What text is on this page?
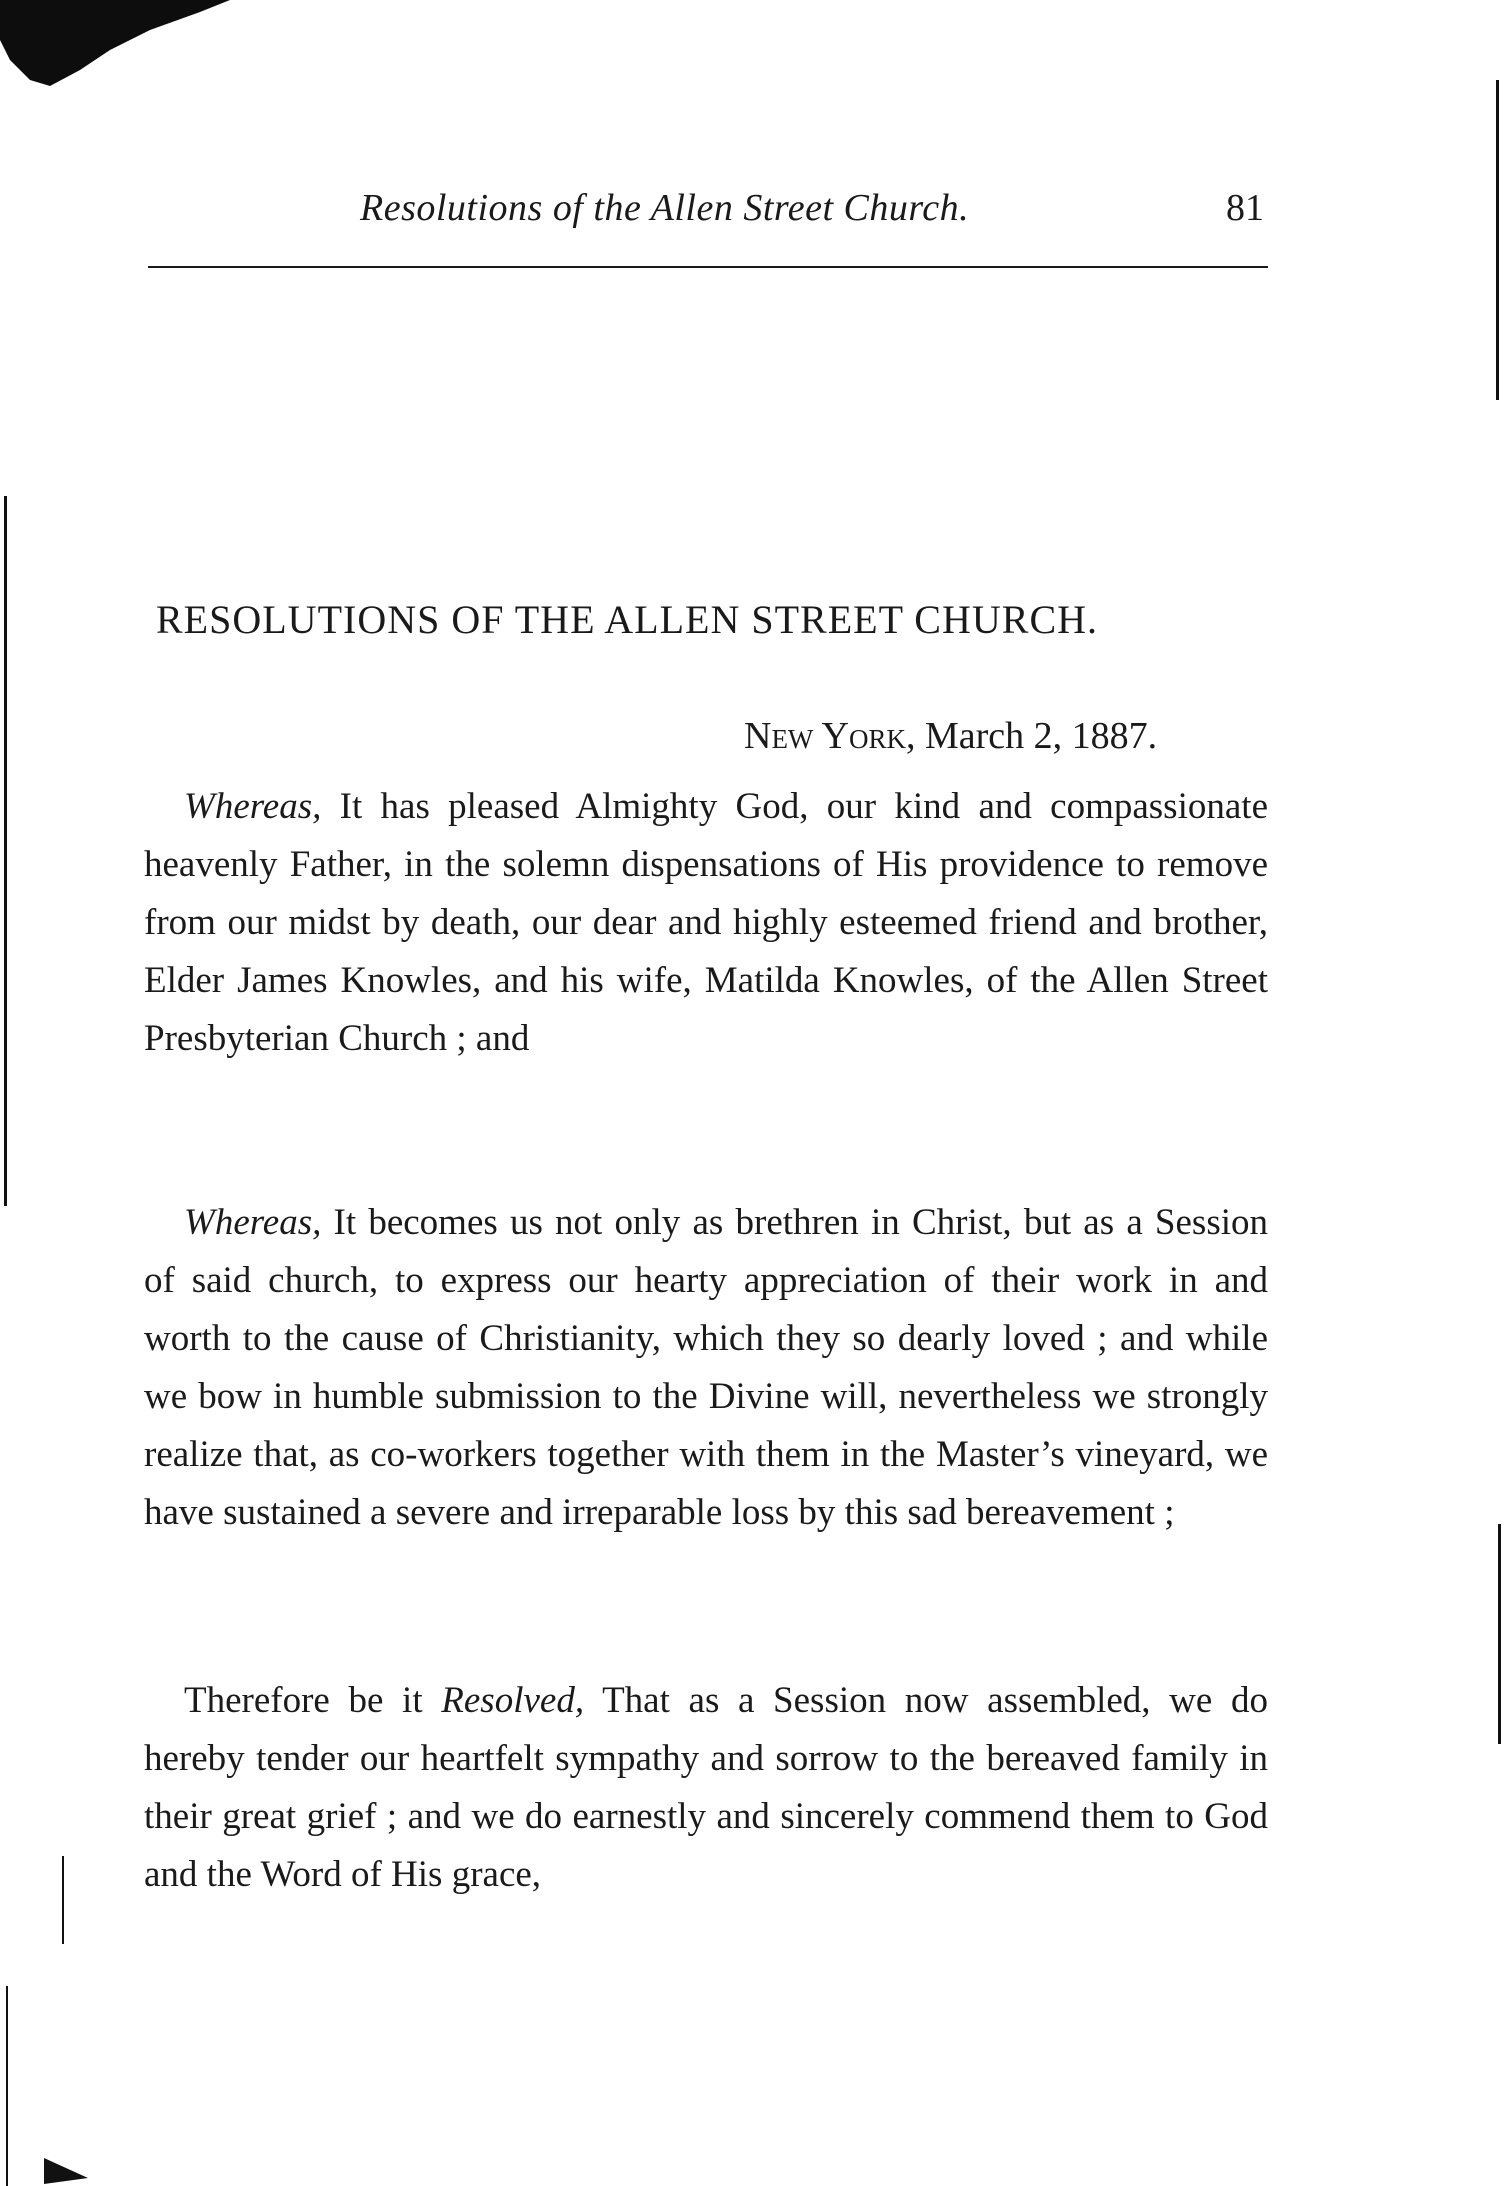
Resolutions of the Allen Street Church.	81
RESOLUTIONS OF THE ALLEN STREET CHURCH.
New York, March 2, 1887.
Whereas, It has pleased Almighty God, our kind and compassionate heavenly Father, in the solemn dispensations of His providence to remove from our midst by death, our dear and highly esteemed friend and brother, Elder James Knowles, and his wife, Matilda Knowles, of the Allen Street Presbyterian Church ; and
Whereas, It becomes us not only as brethren in Christ, but as a Session of said church, to express our hearty appreciation of their work in and worth to the cause of Christianity, which they so dearly loved ; and while we bow in humble submission to the Divine will, nevertheless we strongly realize that, as co-workers together with them in the Master’s vineyard, we have sustained a severe and irreparable loss by this sad bereavement ;
Therefore be it Resolved, That as a Session now assembled, we do hereby tender our heartfelt sympathy and sorrow to the bereaved family in their great grief ; and we do earnestly and sincerely commend them to God and the Word of His grace,
